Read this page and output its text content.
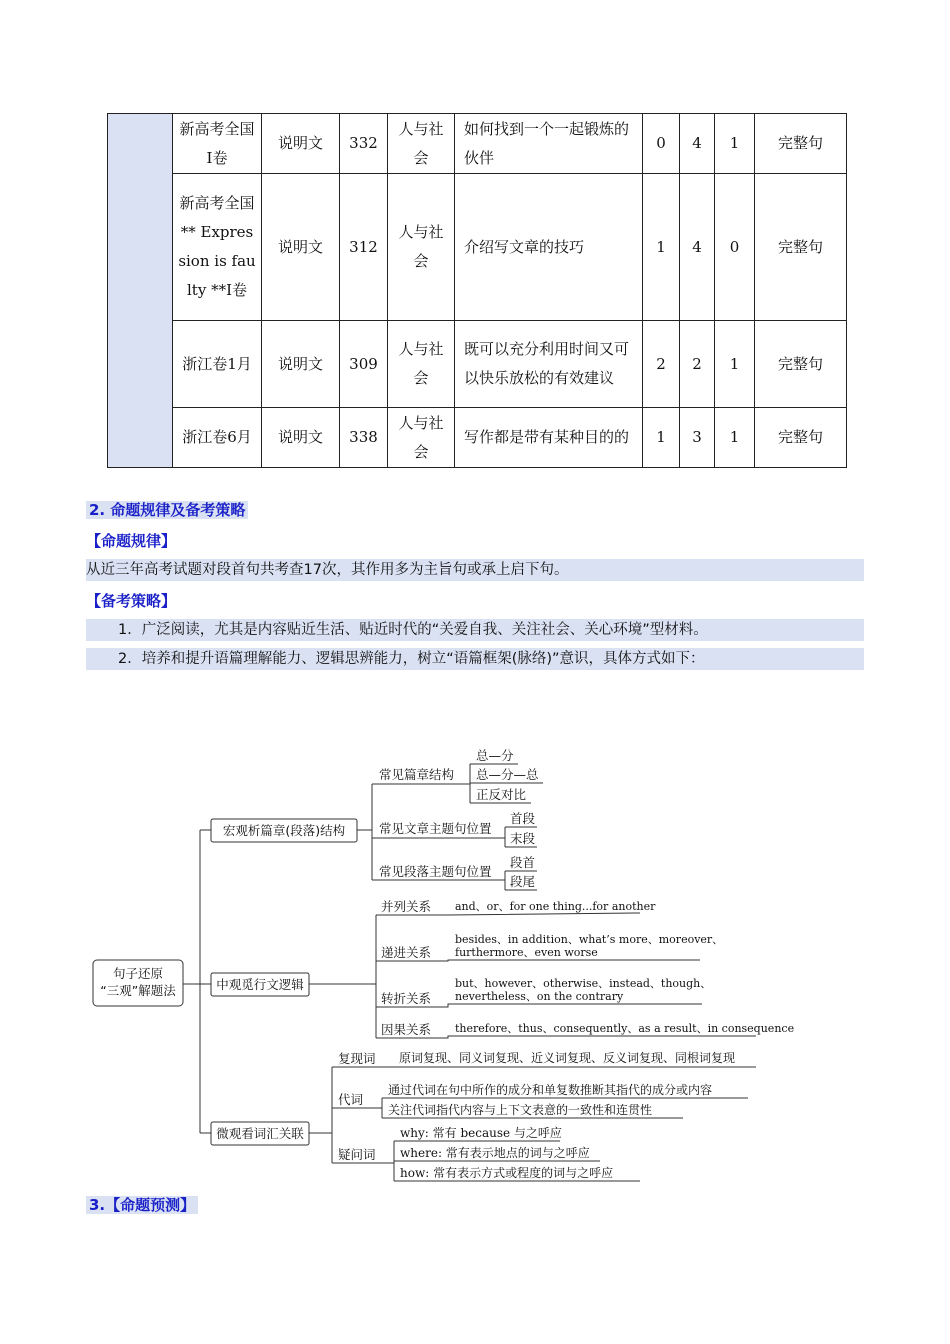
	新高考全国Ⅰ卷	说明文	332	人与社会	如何找到一个一起锻炼的伙伴	0	4	1	完整句
	新高考全国** Expression is faulty **Ⅰ卷	说明文	312	人与社会	介绍写文章的技巧	1	4	0	完整句
	浙江卷1月	说明文	309	人与社会	既可以充分利用时间又可以快乐放松的有效建议	2	2	1	完整句
	浙江卷6月	说明文	338	人与社会	写作都是带有某种目的的	1	3	1	完整句
2. 命题规律及备考策略
【命题规律】
从近三年高考试题对段首句共考查17次，其作用多为主旨句或承上启下句。
【备考策略】
1．广泛阅读，尤其是内容贴近生活、贴近时代的“关爱自我、关注社会、关心环境”型材料。
2．培养和提升语篇理解能力、逻辑思辨能力，树立“语篇框架(脉络)”意识，具体方式如下：
句子还原
“三观”解题法
宏观析篇章(段落)结构
中观觅行文逻辑
微观看词汇关联
常见篇章结构
总—分
总—分—总
正反对比
常见文章主题句位置
首段
末段
常见段落主题句位置
段首
段尾
并列关系
递进关系
转折关系
因果关系
复现词
代词
疑问词
and、or、for one thing...for another
besides、in addition、what’s more、moreover、
furthermore、even worse
but、however、otherwise、instead、though、
nevertheless、on the contrary
therefore、thus、consequently、as a result、in consequence
原词复现、同义词复现、近义词复现、反义词复现、同根词复现
通过代词在句中所作的成分和单复数推断其指代的成分或内容
关注代词指代内容与上下文表意的一致性和连贯性
why: 常有 because 与之呼应
where: 常有表示地点的词与之呼应
how: 常有表示方式或程度的词与之呼应
3.【命题预测】
